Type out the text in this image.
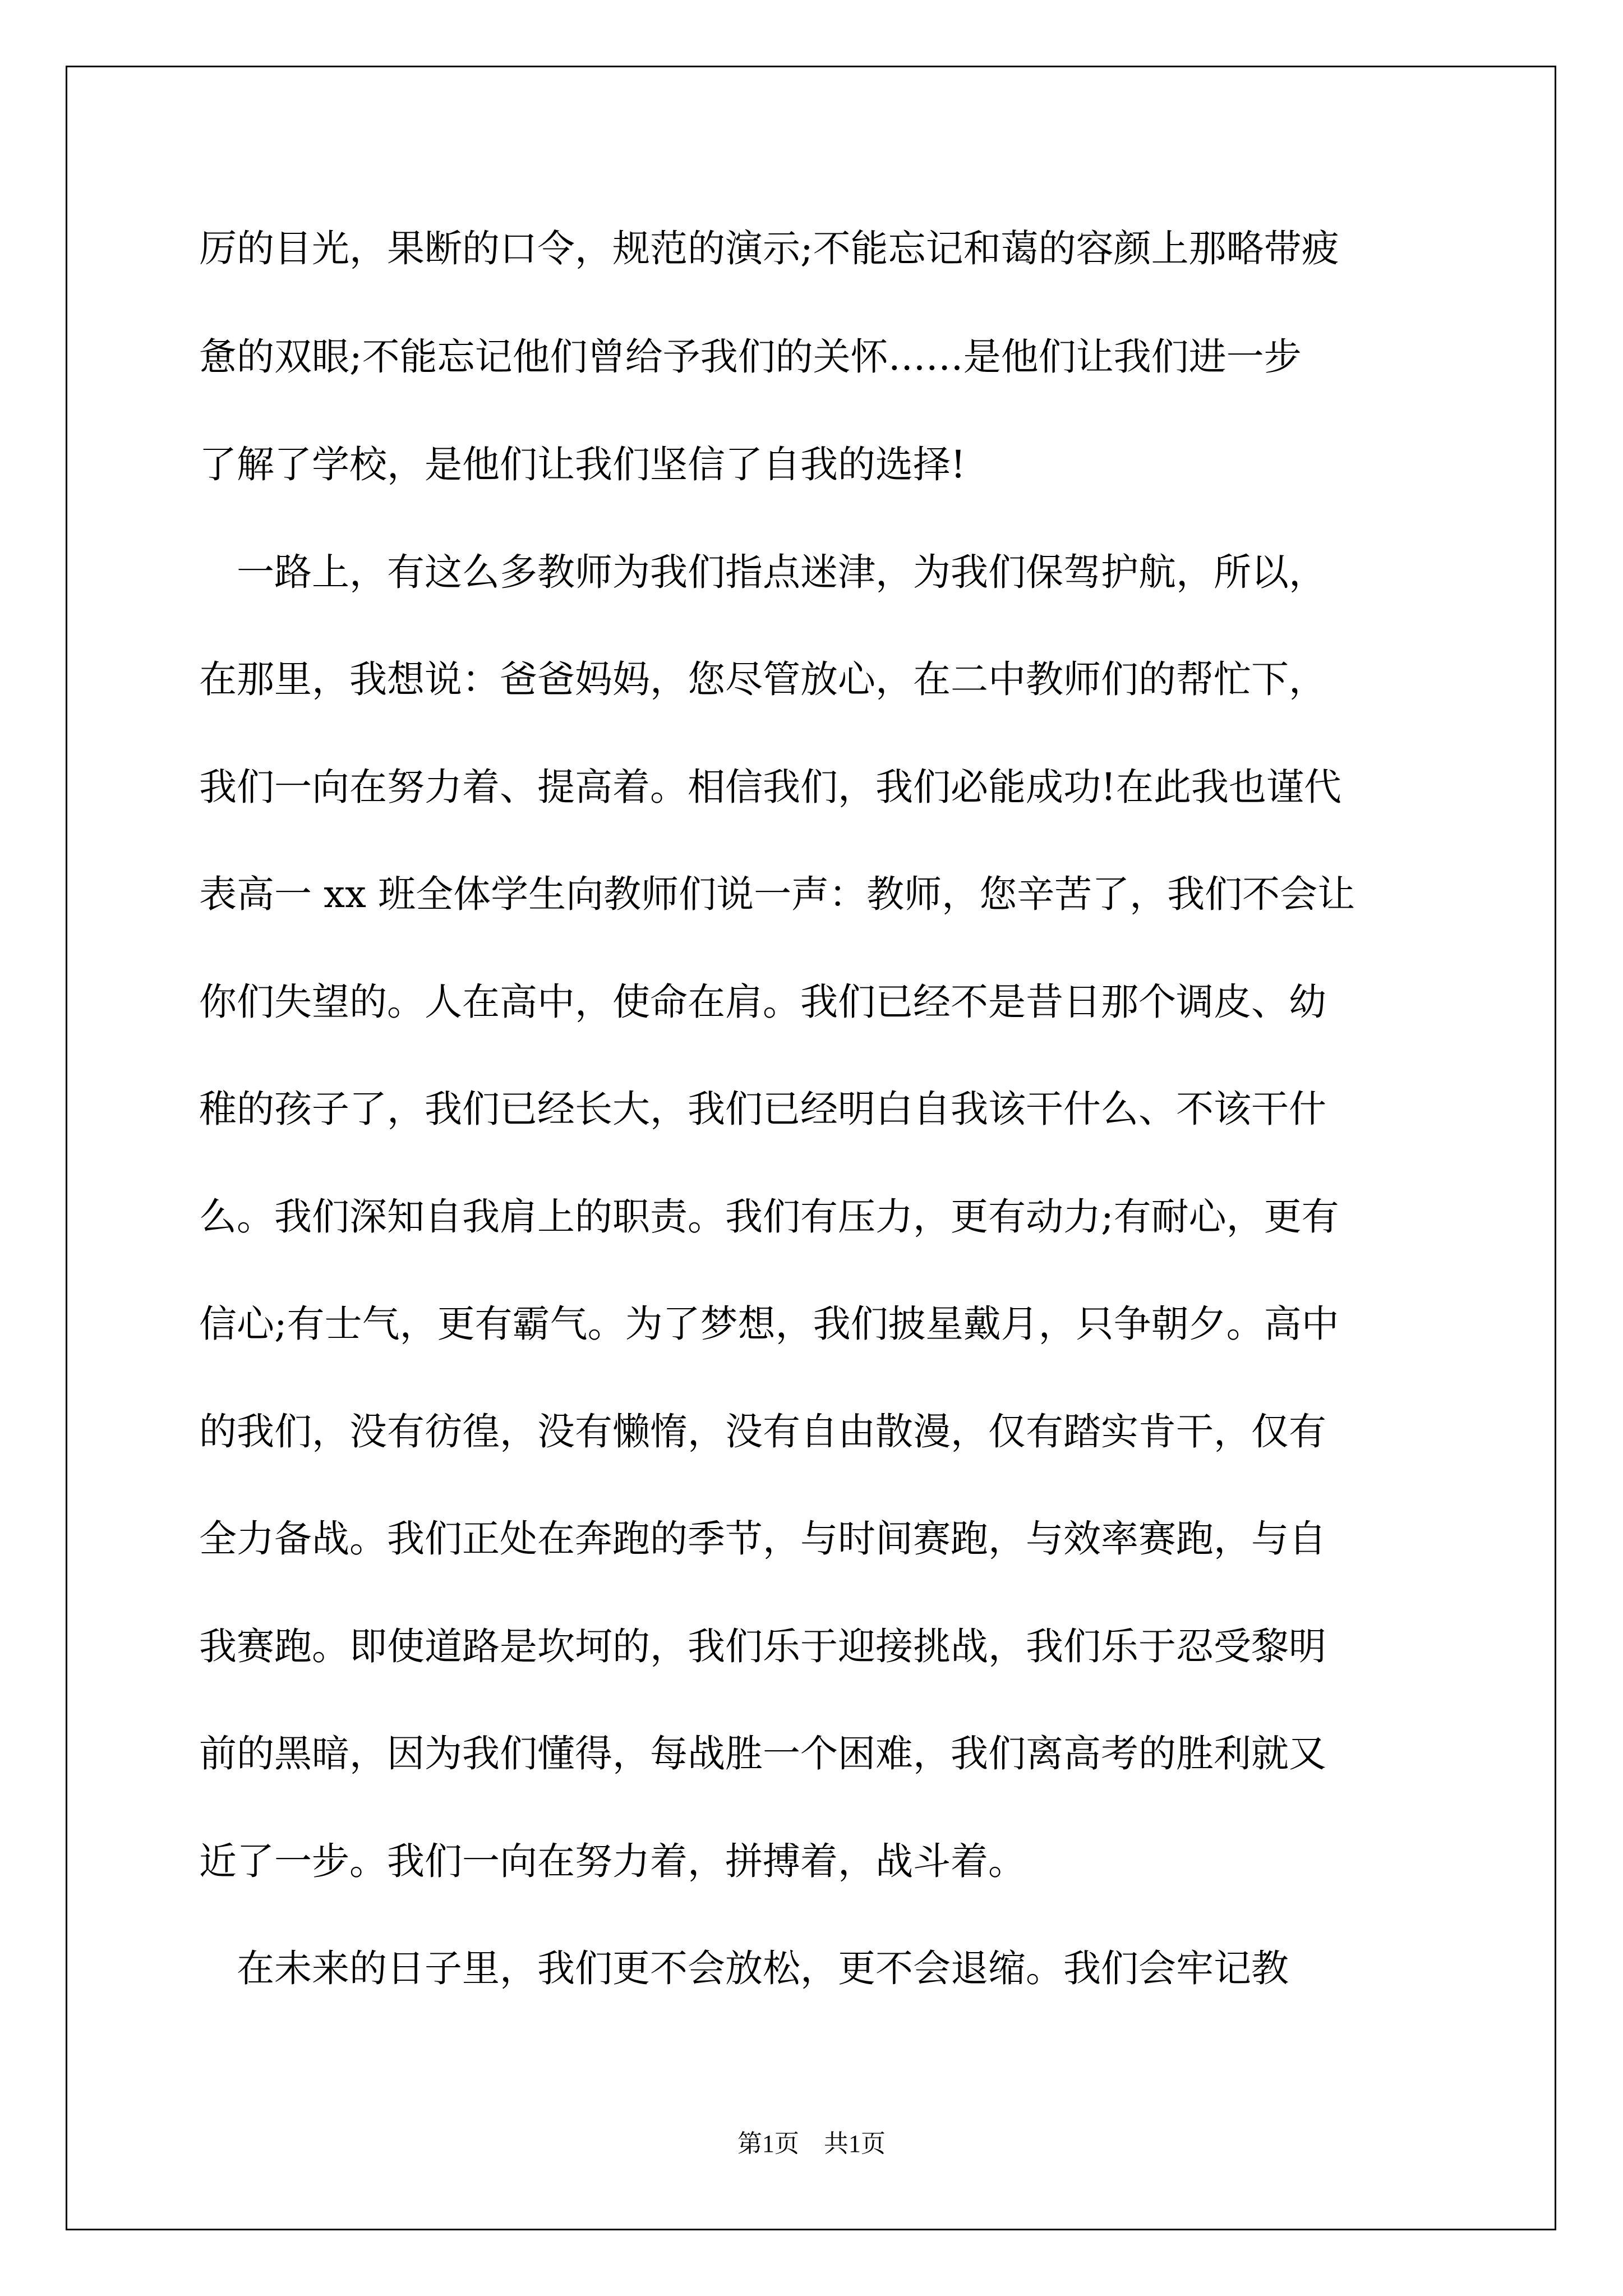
厉的目光，果断的口令，规范的演示;不能忘记和蔼的容颜上那略带疲
惫的双眼;不能忘记他们曾给予我们的关怀……是他们让我们进一步
了解了学校，是他们让我们坚信了自我的选择!
　一路上，有这么多教师为我们指点迷津，为我们保驾护航，所以，
在那里，我想说：爸爸妈妈，您尽管放心，在二中教师们的帮忙下，
我们一向在努力着、提高着。相信我们，我们必能成功!在此我也谨代
表高一 xx 班全体学生向教师们说一声：教师，您辛苦了，我们不会让
你们失望的。人在高中，使命在肩。我们已经不是昔日那个调皮、幼
稚的孩子了，我们已经长大，我们已经明白自我该干什么、不该干什
么。我们深知自我肩上的职责。我们有压力，更有动力;有耐心，更有
信心;有士气，更有霸气。为了梦想，我们披星戴月，只争朝夕。高中
的我们，没有彷徨，没有懒惰，没有自由散漫，仅有踏实肯干，仅有
全力备战。我们正处在奔跑的季节，与时间赛跑，与效率赛跑，与自
我赛跑。即使道路是坎坷的，我们乐于迎接挑战，我们乐于忍受黎明
前的黑暗，因为我们懂得，每战胜一个困难，我们离高考的胜利就又
近了一步。我们一向在努力着，拼搏着，战斗着。
　在未来的日子里，我们更不会放松，更不会退缩。我们会牢记教
第1页　共1页
